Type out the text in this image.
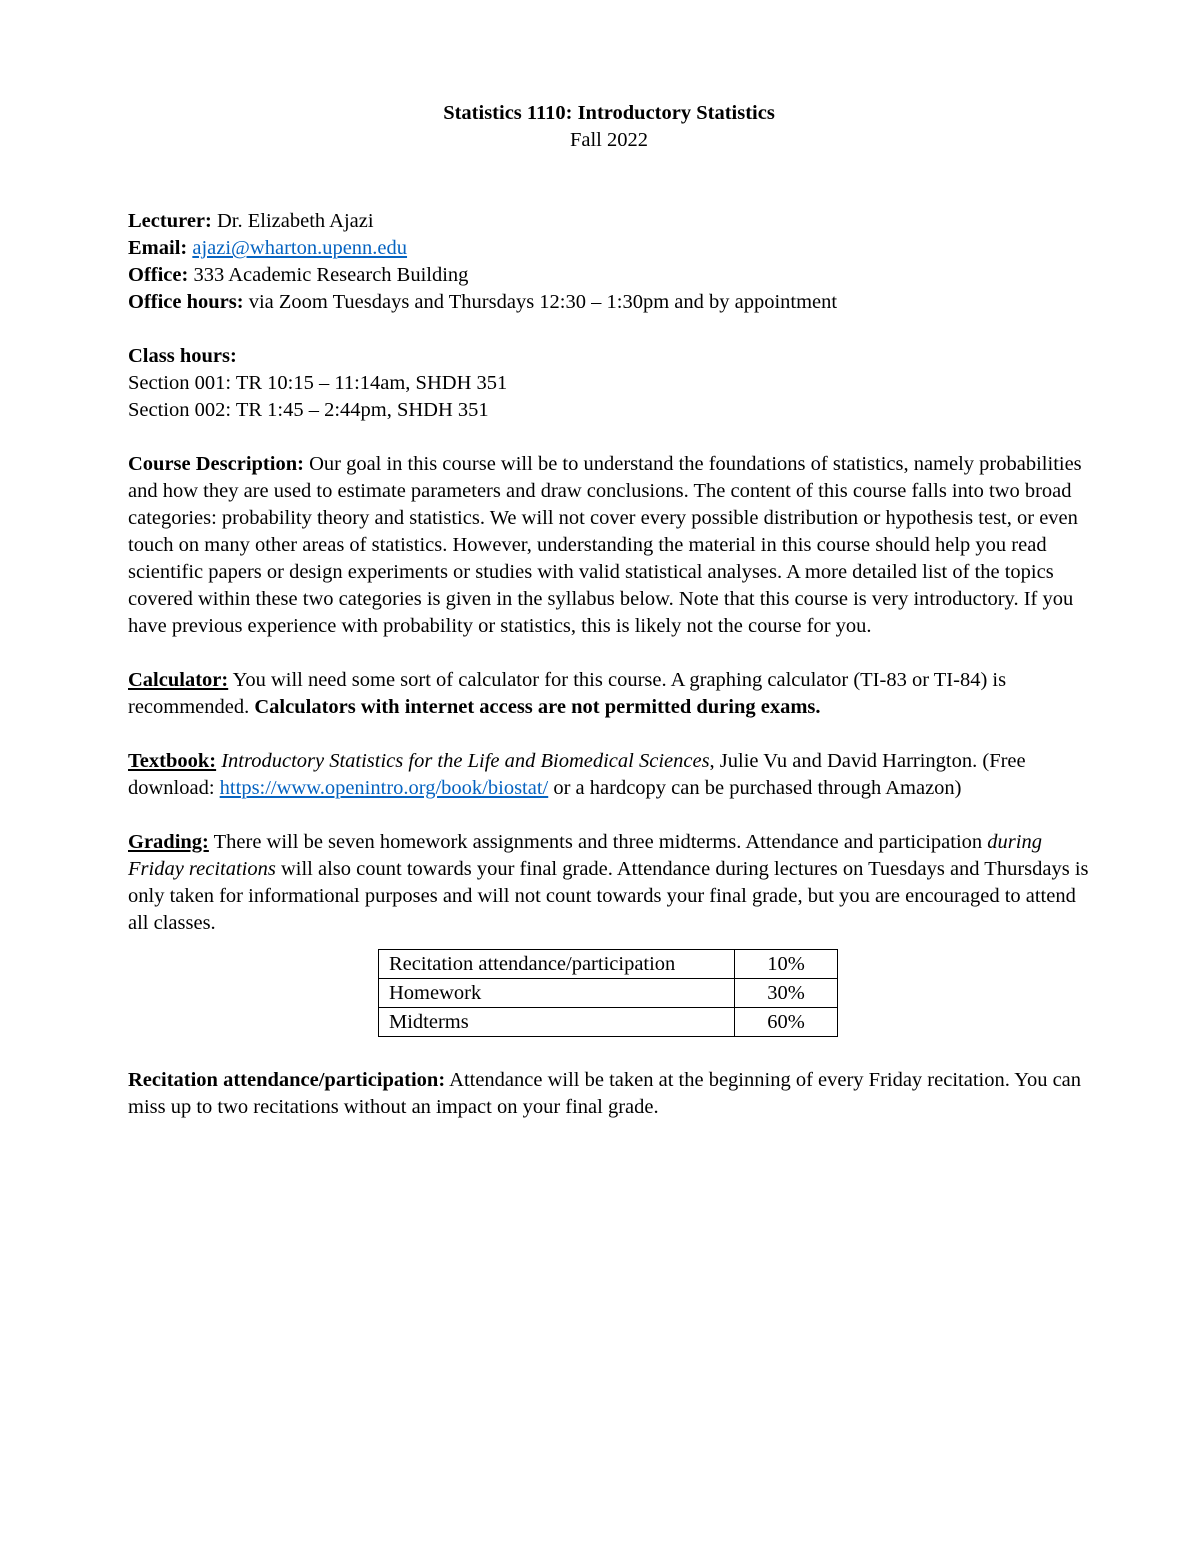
Statistics 1110: Introductory Statistics

Fall 2022

Lecturer: Dr. Elizabeth Ajazi

Email: ajazi@wharton.upenn.edu

Office: 333 Academic Research Building

Office hours: via Zoom Tuesdays and Thursdays 12:30 – 1:30pm and by appointment

Class hours:

Section 001: TR 10:15 – 11:14am, SHDH 351

Section 002: TR 1:45 – 2:44pm, SHDH 351

Course Description: Our goal in this course will be to understand the foundations of statistics, namely probabilities and how they are used to estimate parameters and draw conclusions. The content of this course falls into two broad categories: probability theory and statistics. We will not cover every possible distribution or hypothesis test, or even touch on many other areas of statistics. However, understanding the material in this course should help you read scientific papers or design experiments or studies with valid statistical analyses. A more detailed list of the topics covered within these two categories is given in the syllabus below. Note that this course is very introductory. If you have previous experience with probability or statistics, this is likely not the course for you.

Calculator: You will need some sort of calculator for this course. A graphing calculator (TI-83 or TI-84) is recommended. Calculators with internet access are not permitted during exams.

Textbook: Introductory Statistics for the Life and Biomedical Sciences, Julie Vu and David Harrington. (Free download: https://www.openintro.org/book/biostat/ or a hardcopy can be purchased through Amazon)

Grading: There will be seven homework assignments and three midterms. Attendance and participation during Friday recitations will also count towards your final grade. Attendance during lectures on Tuesdays and Thursdays is only taken for informational purposes and will not count towards your final grade, but you are encouraged to attend all classes.

Recitation attendance/participation	10%
Homework	30%
Midterms	60%

Recitation attendance/participation: Attendance will be taken at the beginning of every Friday recitation. You can miss up to two recitations without an impact on your final grade.
